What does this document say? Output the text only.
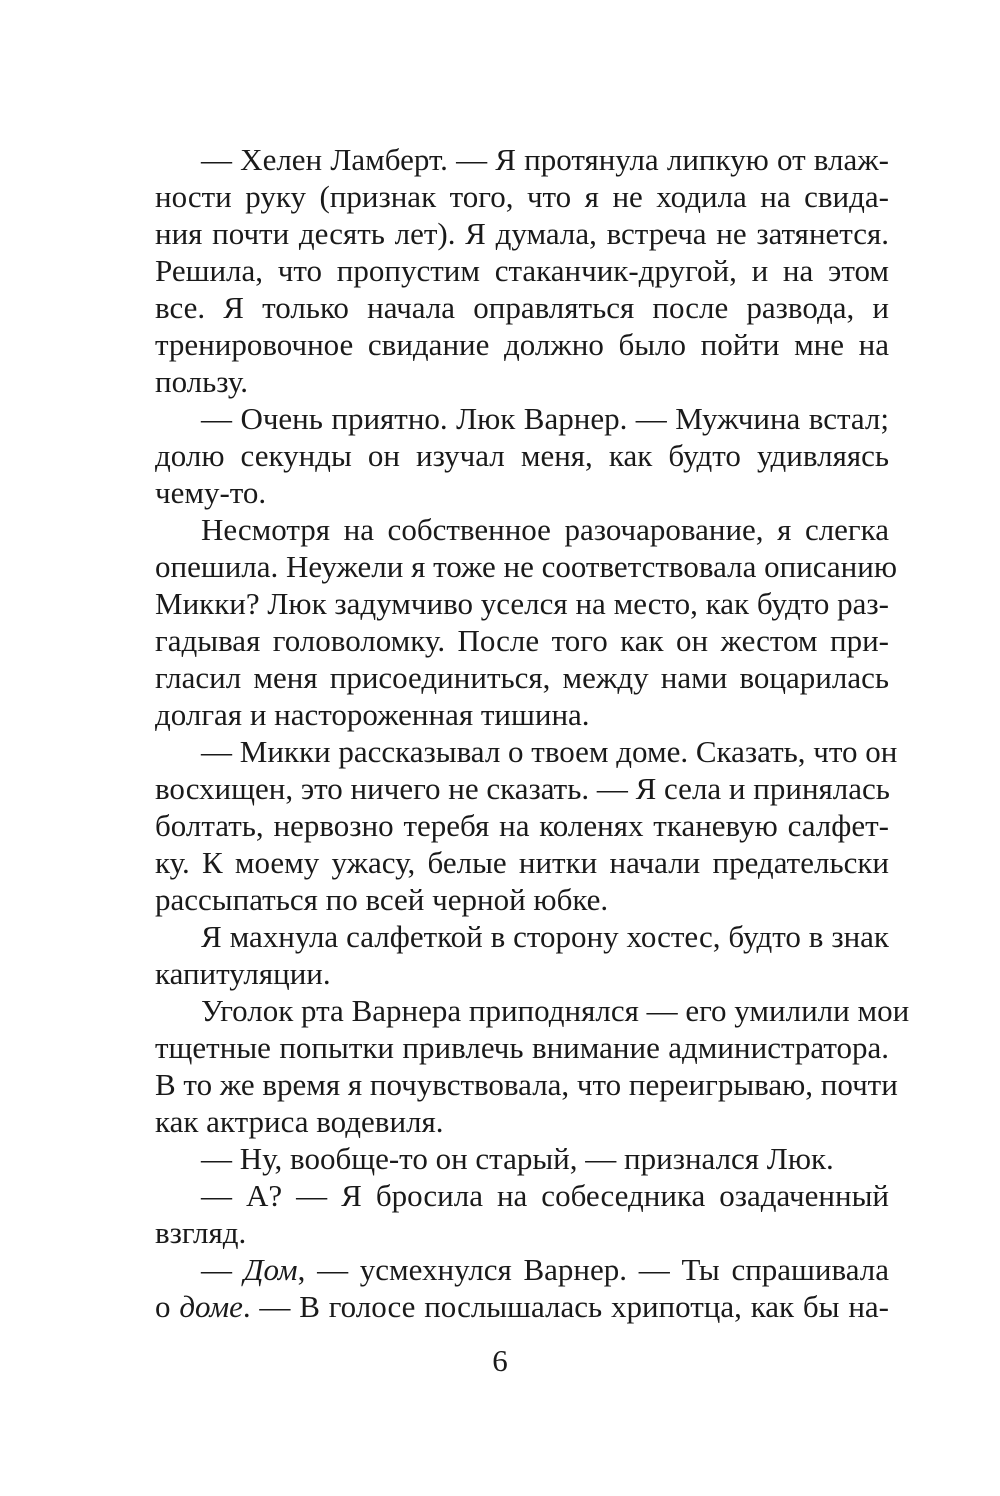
— Хелен Ламберт. — Я протянула липкую от влаж-
ности руку (признак того, что я не ходила на свида-
ния почти десять лет). Я думала, встреча не затянется.
Решила, что пропустим стаканчик-другой, и на этом
все. Я только начала оправляться после развода, и
тренировочное свидание должно было пойти мне на
пользу.
— Очень приятно. Люк Варнер. — Мужчина встал;
долю секунды он изучал меня, как будто удивляясь
чему-то.
Несмотря на собственное разочарование, я слегка
опешила. Неужели я тоже не соответствовала описанию
Микки? Люк задумчиво уселся на место, как будто раз-
гадывая головоломку. После того как он жестом при-
гласил меня присоединиться, между нами воцарилась
долгая и настороженная тишина.
— Микки рассказывал о твоем доме. Сказать, что он
восхищен, это ничего не сказать. — Я села и принялась
болтать, нервозно теребя на коленях тканевую салфет-
ку. К моему ужасу, белые нитки начали предательски
рассыпаться по всей черной юбке.
Я махнула салфеткой в сторону хостес, будто в знак
капитуляции.
Уголок рта Варнера приподнялся — его умилили мои
тщетные попытки привлечь внимание администратора.
В то же время я почувствовала, что переигрываю, почти
как актриса водевиля.
— Ну, вообще-то он старый, — признался Люк.
— А? — Я бросила на собеседника озадаченный
взгляд.
— Дом, — усмехнулся Варнер. — Ты спрашивала
о доме. — В голосе послышалась хрипотца, как бы на-
6
